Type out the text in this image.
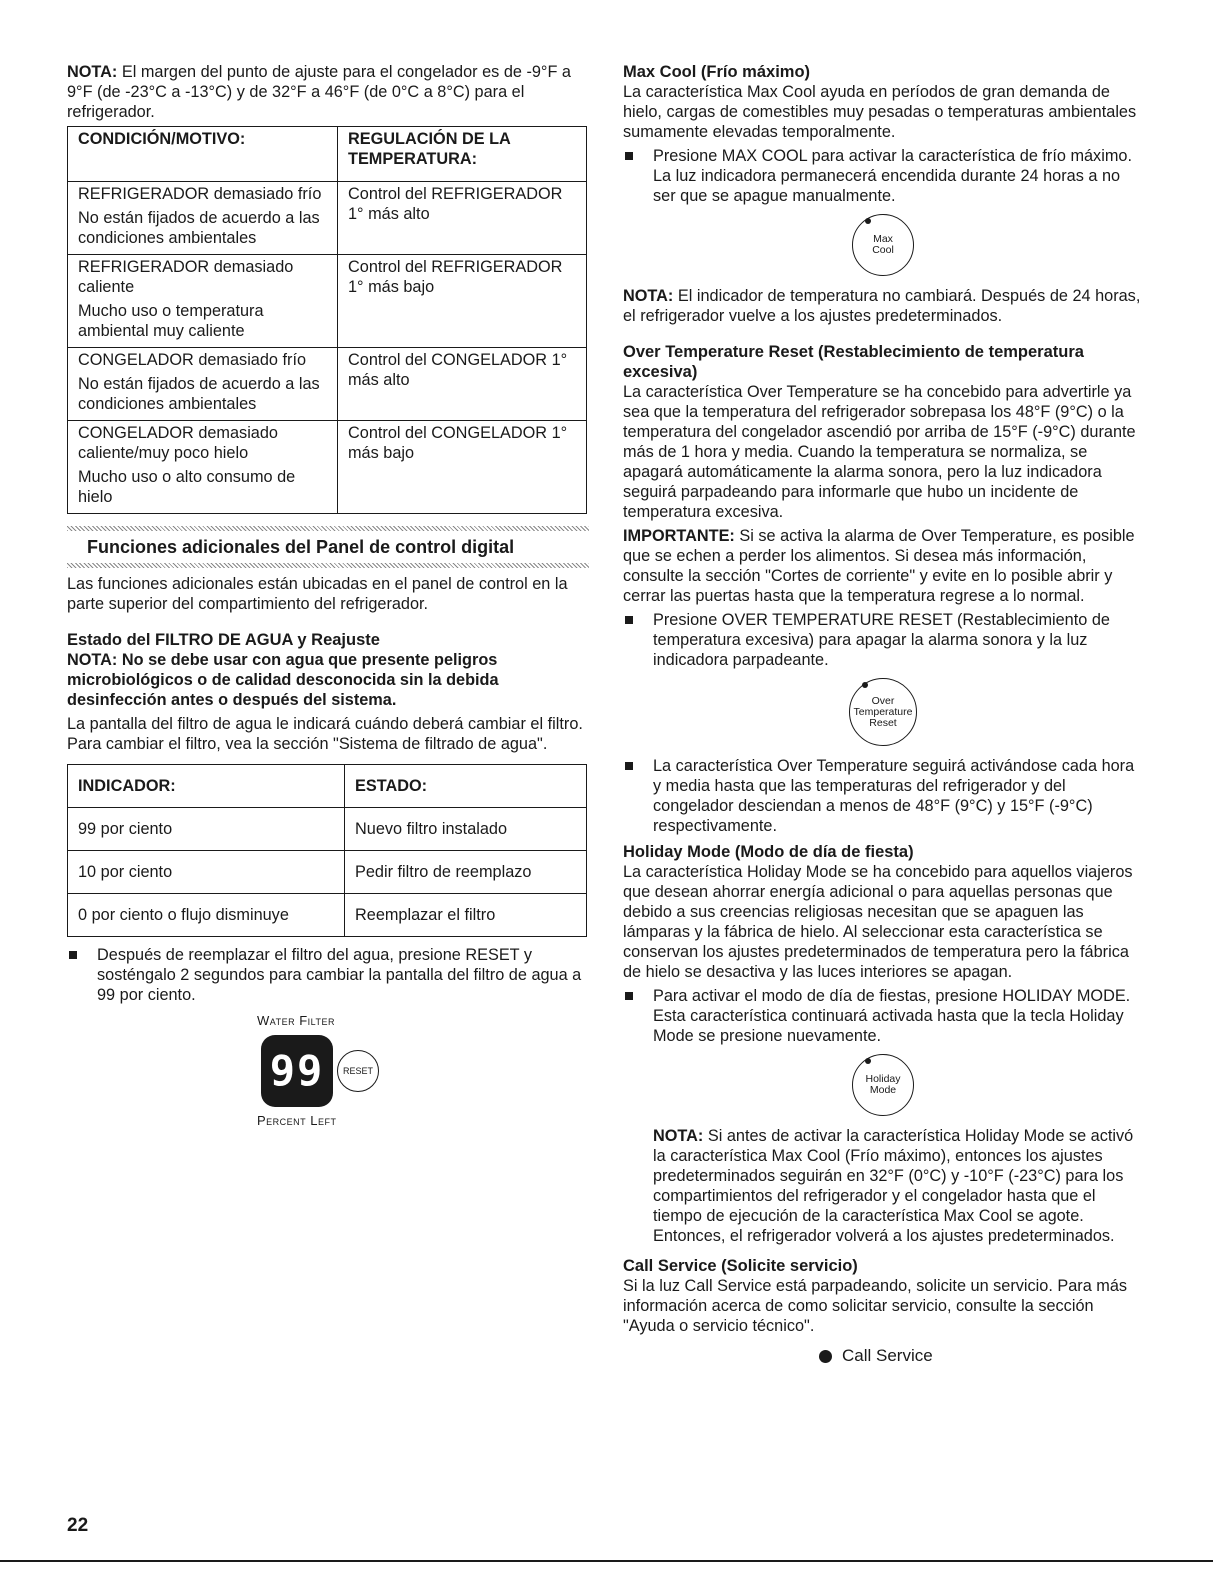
NOTA: El margen del punto de ajuste para el congelador es de -9°F a 9°F (de -23°C a -13°C) y de 32°F a 46°F (de 0°C a 8°C) para el refrigerador.

CONDICIÓN/MOTIVO:	REGULACIÓN DE LA TEMPERATURA:

REFRIGERADOR demasiado frío
No están fijados de acuerdo a las condiciones ambientales	Control del REFRIGERADOR 1° más alto

REFRIGERADOR demasiado caliente
Mucho uso o temperatura ambiental muy caliente	Control del REFRIGERADOR 1° más bajo

CONGELADOR demasiado frío
No están fijados de acuerdo a las condiciones ambientales	Control del CONGELADOR 1° más alto

CONGELADOR demasiado caliente/muy poco hielo
Mucho uso o alto consumo de hielo	Control del CONGELADOR 1° más bajo
Funciones adicionales del Panel de control digital

Las funciones adicionales están ubicadas en el panel de control en la parte superior del compartimiento del refrigerador.

Estado del FILTRO DE AGUA y Reajuste

NOTA: No se debe usar con agua que presente peligros microbiológicos o de calidad desconocida sin la debida desinfección antes o después del sistema.

La pantalla del filtro de agua le indicará cuándo deberá cambiar el filtro. Para cambiar el filtro, vea la sección "Sistema de filtrado de agua".

INDICADOR:	ESTADO:
99 por ciento	Nuevo filtro instalado
10 por ciento	Pedir filtro de reemplazo
0 por ciento o flujo disminuye	Reemplazar el filtro
Después de reemplazar el filtro del agua, presione RESET y sosténgalo 2 segundos para cambiar la pantalla del filtro de agua a 99 por ciento.
Water Filter
99	RESET
Percent Left
Max Cool (Frío máximo)

La característica Max Cool ayuda en períodos de gran demanda de hielo, cargas de comestibles muy pesadas o temperaturas ambientales sumamente elevadas temporalmente.

Presione MAX COOL para activar la característica de frío máximo. La luz indicadora permanecerá encendida durante 24 horas a no ser que se apague manualmente.
Max
Cool

NOTA: El indicador de temperatura no cambiará. Después de 24 horas, el refrigerador vuelve a los ajustes predeterminados.

Over Temperature Reset (Restablecimiento de temperatura excesiva)

La característica Over Temperature se ha concebido para advertirle ya sea que la temperatura del refrigerador sobrepasa los 48°F (9°C) o la temperatura del congelador ascendió por arriba de 15°F (-9°C) durante más de 1 hora y media. Cuando la temperatura se normaliza, se apagará automáticamente la alarma sonora, pero la luz indicadora seguirá parpadeando para informarle que hubo un incidente de temperatura excesiva.

IMPORTANTE: Si se activa la alarma de Over Temperature, es posible que se echen a perder los alimentos. Si desea más información, consulte la sección "Cortes de corriente" y evite en lo posible abrir y cerrar las puertas hasta que la temperatura regrese a lo normal.

Presione OVER TEMPERATURE RESET (Restablecimiento de temperatura excesiva) para apagar la alarma sonora y la luz indicadora parpadeante.
Over
Temperature
Reset
La característica Over Temperature seguirá activándose cada hora y media hasta que las temperaturas del refrigerador y del congelador desciendan a menos de 48°F (9°C) y 15°F (-9°C) respectivamente.
Holiday Mode (Modo de día de fiesta)

La característica Holiday Mode se ha concebido para aquellos viajeros que desean ahorrar energía adicional o para aquellas personas que debido a sus creencias religiosas necesitan que se apaguen las lámparas y la fábrica de hielo. Al seleccionar esta característica se conservan los ajustes predeterminados de temperatura pero la fábrica de hielo se desactiva y las luces interiores se apagan.

Para activar el modo de día de fiestas, presione HOLIDAY MODE. Esta característica continuará activada hasta que la tecla Holiday Mode se presione nuevamente.
Holiday
Mode

NOTA: Si antes de activar la característica Holiday Mode se activó la característica Max Cool (Frío máximo), entonces los ajustes predeterminados seguirán en 32°F (0°C) y -10°F (-23°C) para los compartimientos del refrigerador y el congelador hasta que el tiempo de ejecución de la característica Max Cool se agote. Entonces, el refrigerador volverá a los ajustes predeterminados.

Call Service (Solicite servicio)

Si la luz Call Service está parpadeando, solicite un servicio. Para más información acerca de como solicitar servicio, consulte la sección "Ayuda o servicio técnico".

Call Service
22
